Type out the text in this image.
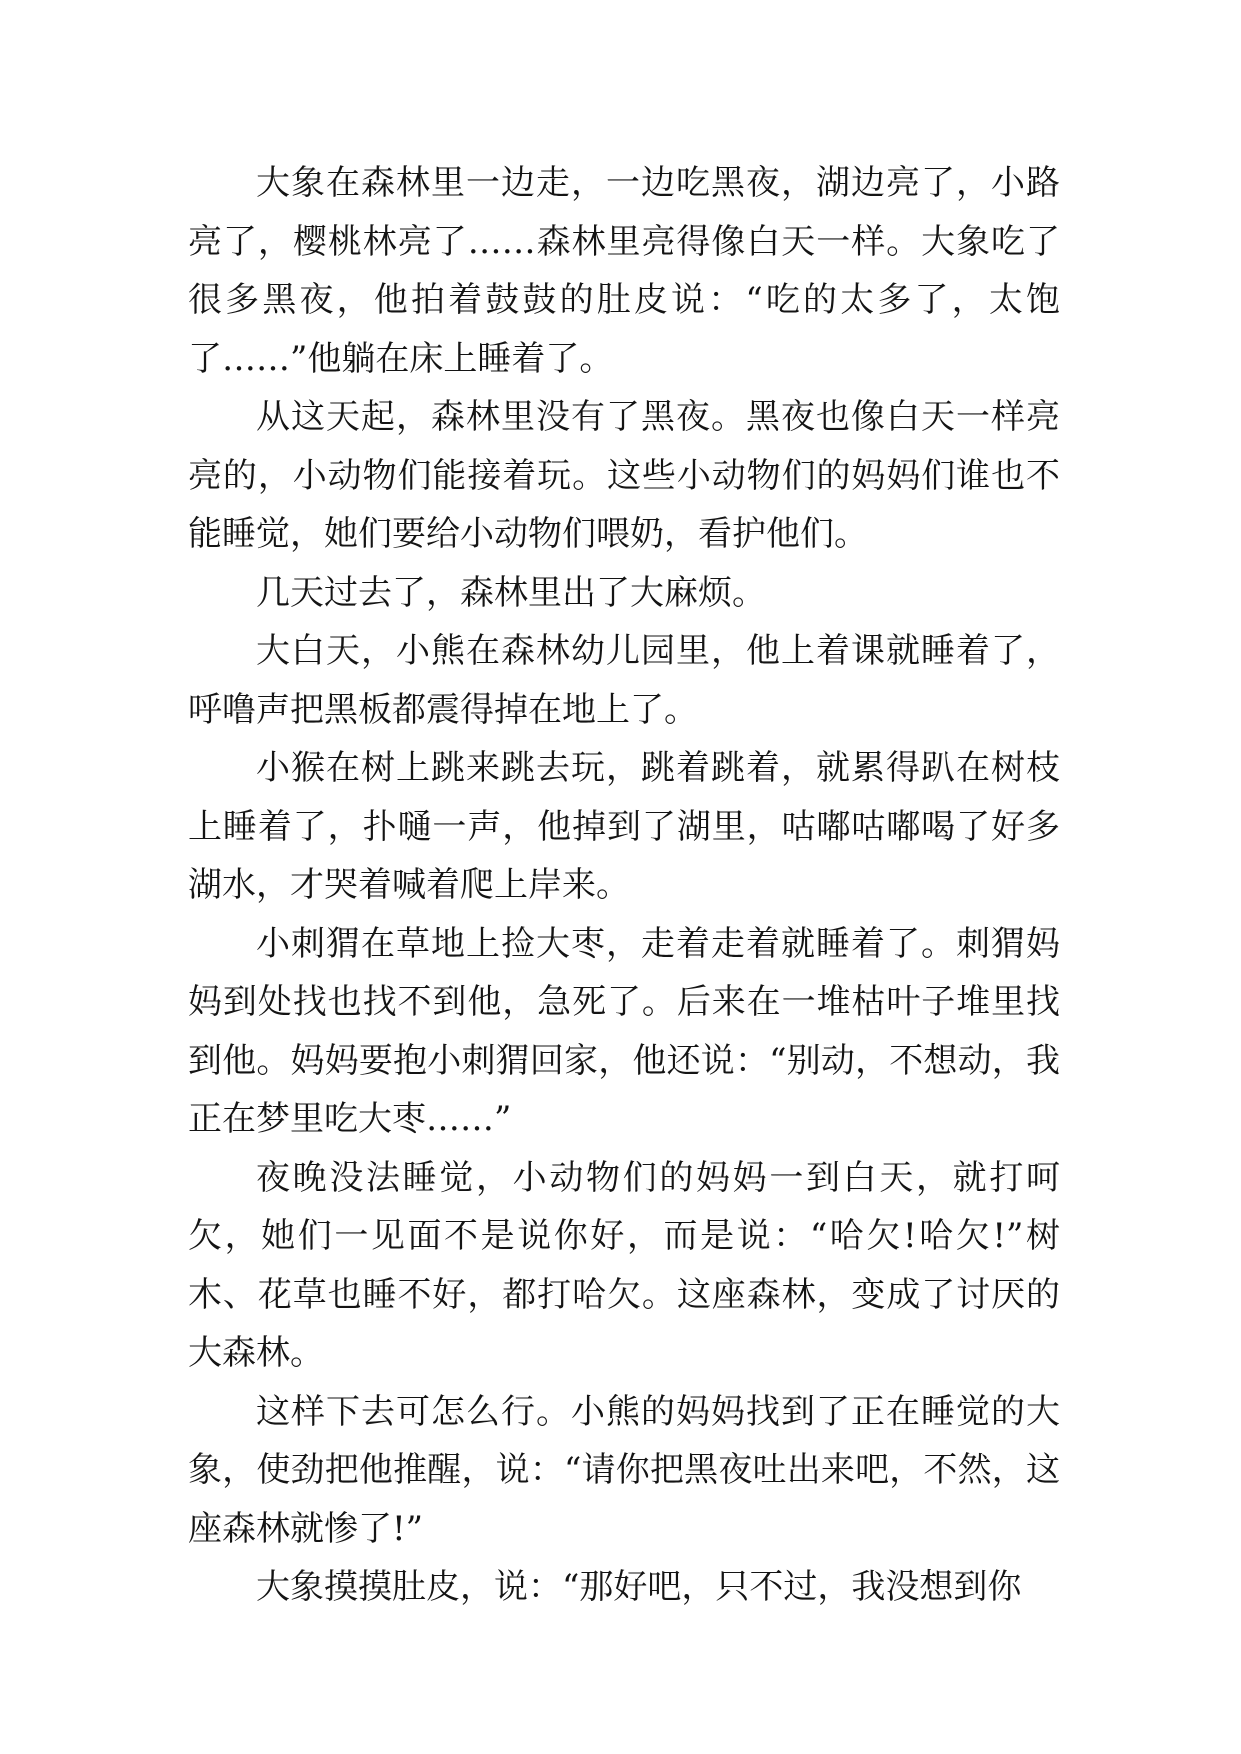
大象在森林里一边走，一边吃黑夜，湖边亮了，小路亮了，樱桃林亮了……森林里亮得像白天一样。大象吃了很多黑夜，他拍着鼓鼓的肚皮说：“吃的太多了，太饱了……”他躺在床上睡着了。

从这天起，森林里没有了黑夜。黑夜也像白天一样亮亮的，小动物们能接着玩。这些小动物们的妈妈们谁也不能睡觉，她们要给小动物们喂奶，看护他们。

几天过去了，森林里出了大麻烦。

大白天，小熊在森林幼儿园里，他上着课就睡着了，呼噜声把黑板都震得掉在地上了。

小猴在树上跳来跳去玩，跳着跳着，就累得趴在树枝上睡着了，扑嗵一声，他掉到了湖里，咕嘟咕嘟喝了好多湖水，才哭着喊着爬上岸来。

小刺猬在草地上捡大枣，走着走着就睡着了。刺猬妈妈到处找也找不到他，急死了。后来在一堆枯叶子堆里找到他。妈妈要抱小刺猬回家，他还说：“别动，不想动，我正在梦里吃大枣……”

夜晚没法睡觉，小动物们的妈妈一到白天，就打呵欠，她们一见面不是说你好，而是说：“哈欠!哈欠!”树木、花草也睡不好，都打哈欠。这座森林，变成了讨厌的大森林。

这样下去可怎么行。小熊的妈妈找到了正在睡觉的大象，使劲把他推醒，说：“请你把黑夜吐出来吧，不然，这座森林就惨了!”

大象摸摸肚皮，说：“那好吧，只不过，我没想到你
